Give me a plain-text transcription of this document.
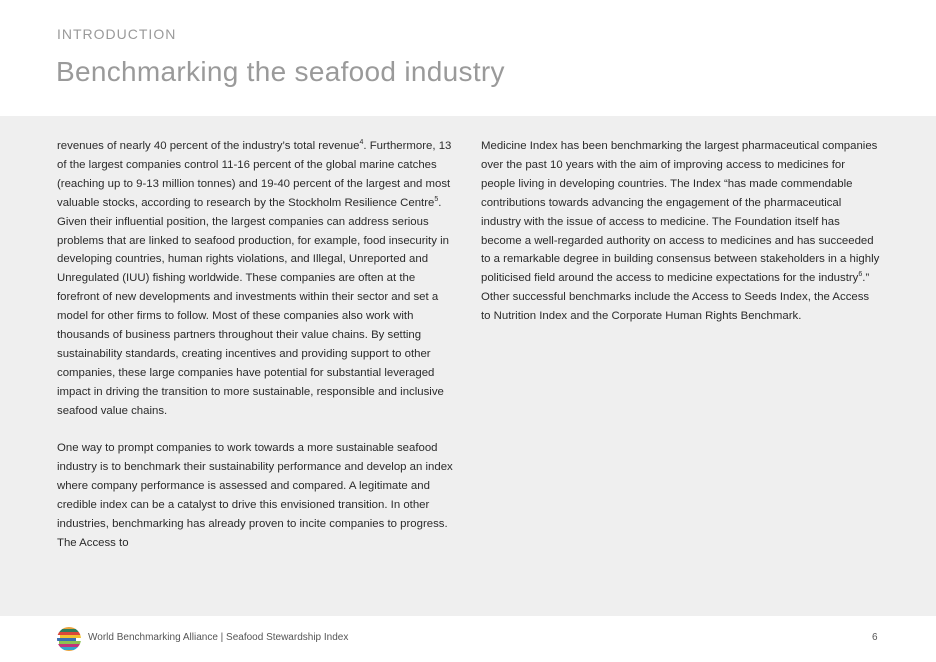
INTRODUCTION
Benchmarking the seafood industry

revenues of nearly 40 percent of the industry’s total revenue$^4$. Furthermore, 13 of the largest companies control 11-16 percent of the global marine catches (reaching up to 9-13 million tonnes) and 19-40 percent of the largest and most valuable stocks, according to research by the Stockholm Resilience Centre$^5$. Given their influential position, the largest companies can address serious problems that are linked to seafood production, for example, food insecurity in developing countries, human rights violations, and Illegal, Unreported and Unregulated (IUU) fishing worldwide. These companies are often at the forefront of new developments and investments within their sector and set a model for other firms to follow. Most of these companies also work with thousands of business partners throughout their value chains. By setting sustainability standards, creating incentives and providing support to other companies, these large companies have potential for substantial leveraged impact in driving the transition to more sustainable, responsible and inclusive seafood value chains.

One way to prompt companies to work towards a more sustainable seafood industry is to benchmark their sustainability performance and develop an index where company performance is assessed and compared. A legitimate and credible index can be a catalyst to drive this envisioned transition. In other industries, benchmarking has already proven to incite companies to progress. The Access to

Medicine Index has been benchmarking the largest pharmaceutical companies over the past 10 years with the aim of improving access to medicines for people living in developing countries. The Index “has made commendable contributions towards advancing the engagement of the pharmaceutical industry with the issue of access to medicine. The Foundation itself has become a well-regarded authority on access to medicines and has succeeded to a remarkable degree in building consensus between stakeholders in a highly politicised field around the access to medicine expectations for the industry$^6$.” Other successful benchmarks include the Access to Seeds Index, the Access to Nutrition Index and the Corporate Human Rights Benchmark.

World Benchmarking Alliance | Seafood Stewardship Index	6
